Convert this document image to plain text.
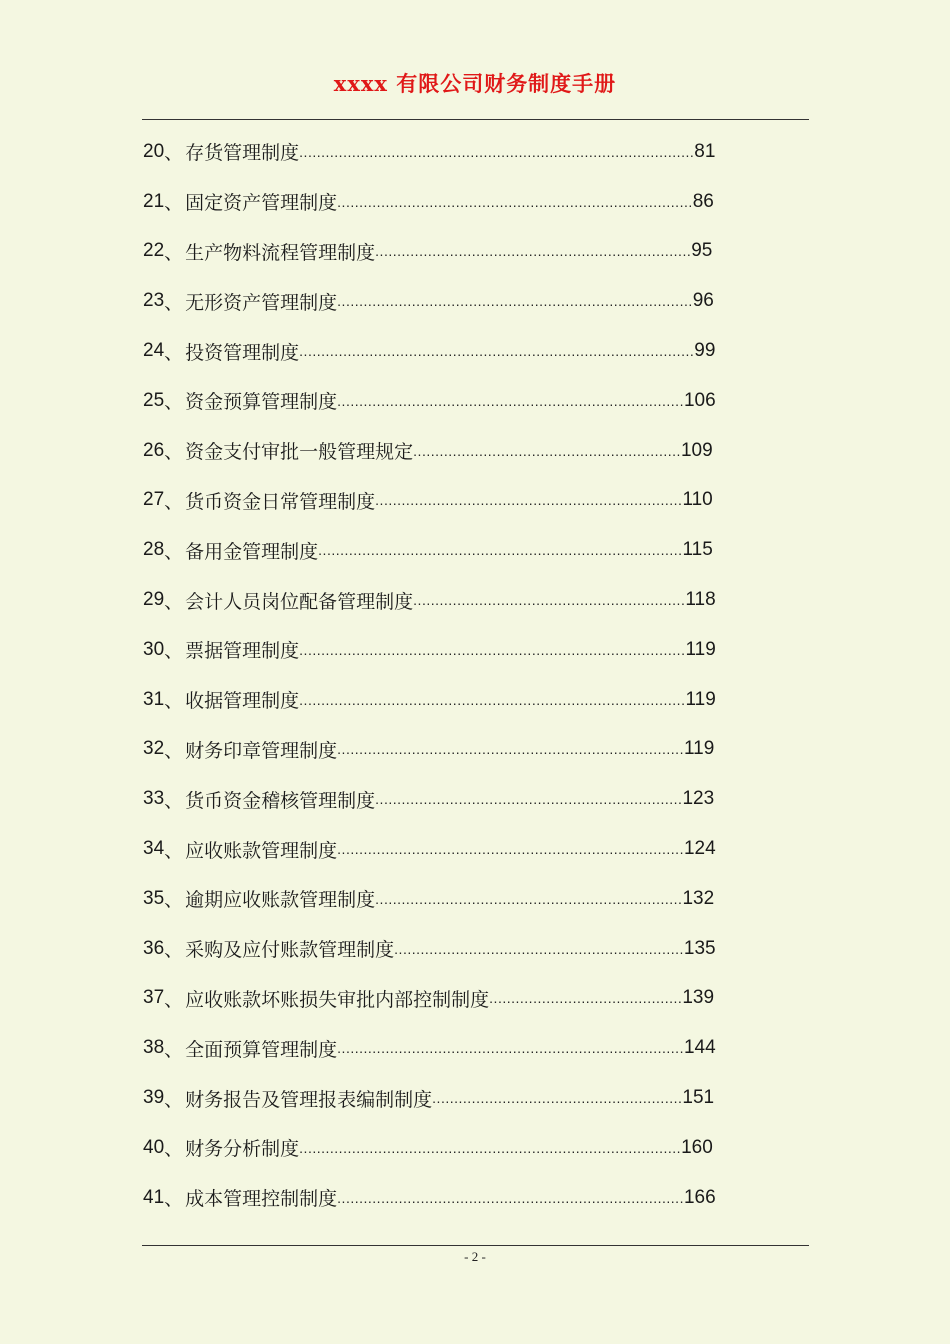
xxxx 有限公司财务制度手册
20 、 存货管理制度 .......................................................................................... 81
21 、 固定资产管理制度 ................................................................................. 86
22 、 生产物料流程管理制度 ........................................................................ 95
23 、 无形资产管理制度 ................................................................................. 96
24 、 投资管理制度 .......................................................................................... 99
25 、 资金预算管理制度 ............................................................................... 106
26 、 资金支付审批一般管理规定 ............................................................. 109
27 、 货币资金日常管理制度 ...................................................................... 110
28 、 备用金管理制度 ................................................................................... 115
29 、 会计人员岗位配备管理制度 .............................................................. 118
30 、 票据管理制度 ........................................................................................ 119
31 、 收据管理制度 ........................................................................................ 119
32 、 财务印章管理制度 ............................................................................... 119
33 、 货币资金稽核管理制度 ...................................................................... 123
34 、 应收账款管理制度 ............................................................................... 124
35 、 逾期应收账款管理制度 ...................................................................... 132
36 、 采购及应付账款管理制度 .................................................................. 135
37 、 应收账款坏账损失审批内部控制制度 ............................................ 139
38 、 全面预算管理制度 ............................................................................... 144
39 、 财务报告及管理报表编制制度 ......................................................... 151
40 、 财务分析制度 ....................................................................................... 160
41 、 成本管理控制制度 ............................................................................... 166
- 2 -
